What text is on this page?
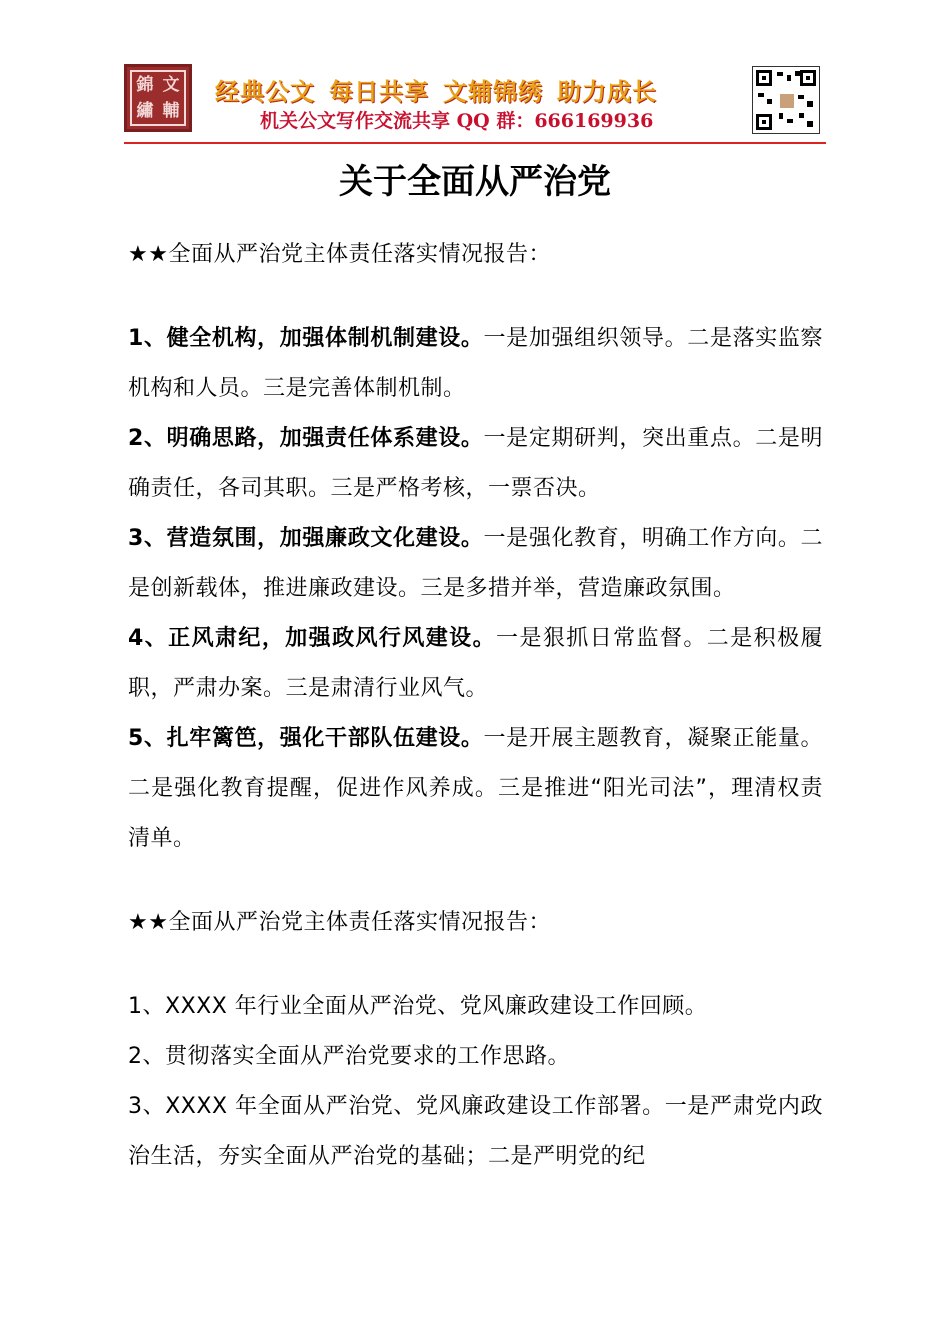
錦 文
繡 輔
经典公文 每日共享 文辅锦绣 助力成长
机关公文写作交流共享 QQ 群：666169936
关于全面从严治党

★★全面从严治党主体责任落实情况报告：

1、健全机构，加强体制机制建设。一是加强组织领导。二是落实监察机构和人员。三是完善体制机制。

2、明确思路，加强责任体系建设。一是定期研判，突出重点。二是明确责任，各司其职。三是严格考核，一票否决。

3、营造氛围，加强廉政文化建设。一是强化教育，明确工作方向。二是创新载体，推进廉政建设。三是多措并举，营造廉政氛围。

4、正风肃纪，加强政风行风建设。一是狠抓日常监督。二是积极履职，严肃办案。三是肃清行业风气。

5、扎牢篱笆，强化干部队伍建设。一是开展主题教育，凝聚正能量。二是强化教育提醒，促进作风养成。三是推进“阳光司法”，理清权责清单。

★★全面从严治党主体责任落实情况报告：

1、XXXX 年行业全面从严治党、党风廉政建设工作回顾。

2、贯彻落实全面从严治党要求的工作思路。

3、XXXX 年全面从严治党、党风廉政建设工作部署。一是严肃党内政治生活，夯实全面从严治党的基础；二是严明党的纪
